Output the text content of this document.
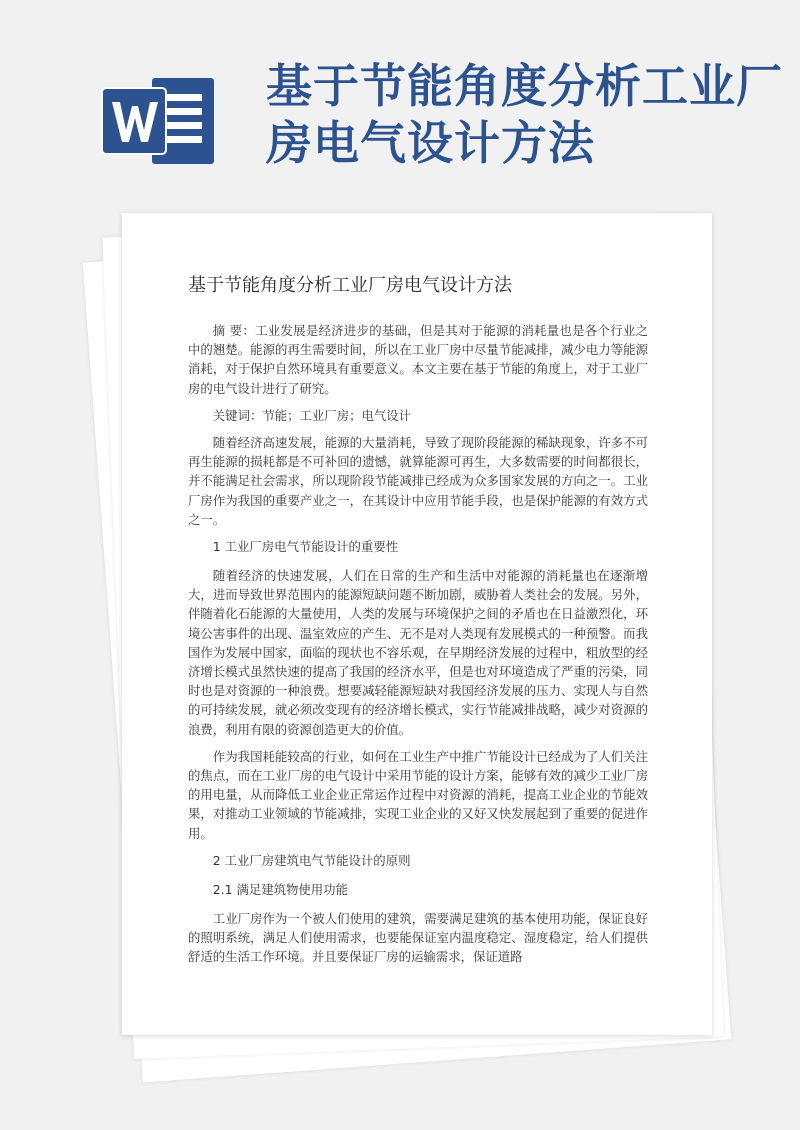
基于节能角度分析工业厂房电气设计方法
基于节能角度分析工业厂房电气设计方法

摘 要：工业发展是经济进步的基础，但是其对于能源的消耗量也是各个行业之中的翘楚。能源的再生需要时间，所以在工业厂房中尽量节能减排，减少电力等能源消耗，对于保护自然环境具有重要意义。本文主要在基于节能的角度上，对于工业厂房的电气设计进行了研究。

关键词：节能；工业厂房；电气设计

随着经济高速发展，能源的大量消耗，导致了现阶段能源的稀缺现象，许多不可再生能源的损耗都是不可补回的遗憾，就算能源可再生，大多数需要的时间都很长，并不能满足社会需求，所以现阶段节能减排已经成为众多国家发展的方向之一。工业厂房作为我国的重要产业之一，在其设计中应用节能手段，也是保护能源的有效方式之一。

1 工业厂房电气节能设计的重要性

随着经济的快速发展，人们在日常的生产和生活中对能源的消耗量也在逐渐增大，进而导致世界范围内的能源短缺问题不断加剧，威胁着人类社会的发展。另外，伴随着化石能源的大量使用，人类的发展与环境保护之间的矛盾也在日益激烈化，环境公害事件的出现、温室效应的产生、无不是对人类现有发展模式的一种预警。而我国作为发展中国家，面临的现状也不容乐观，在早期经济发展的过程中，粗放型的经济增长模式虽然快速的提高了我国的经济水平，但是也对环境造成了严重的污染，同时也是对资源的一种浪费。想要减轻能源短缺对我国经济发展的压力、实现人与自然的可持续发展，就必须改变现有的经济增长模式，实行节能减排战略，减少对资源的浪费，利用有限的资源创造更大的价值。

作为我国耗能较高的行业，如何在工业生产中推广节能设计已经成为了人们关注的焦点，而在工业厂房的电气设计中采用节能的设计方案，能够有效的减少工业厂房的用电量，从而降低工业企业正常运作过程中对资源的消耗，提高工业企业的节能效果，对推动工业领域的节能减排，实现工业企业的又好又快发展起到了重要的促进作用。

2 工业厂房建筑电气节能设计的原则

2.1 满足建筑物使用功能

工业厂房作为一个被人们使用的建筑，需要满足建筑的基本使用功能，保证良好的照明系统，满足人们使用需求，也要能保证室内温度稳定、湿度稳定，给人们提供舒适的生活工作环境。并且要保证厂房的运输需求，保证道路
